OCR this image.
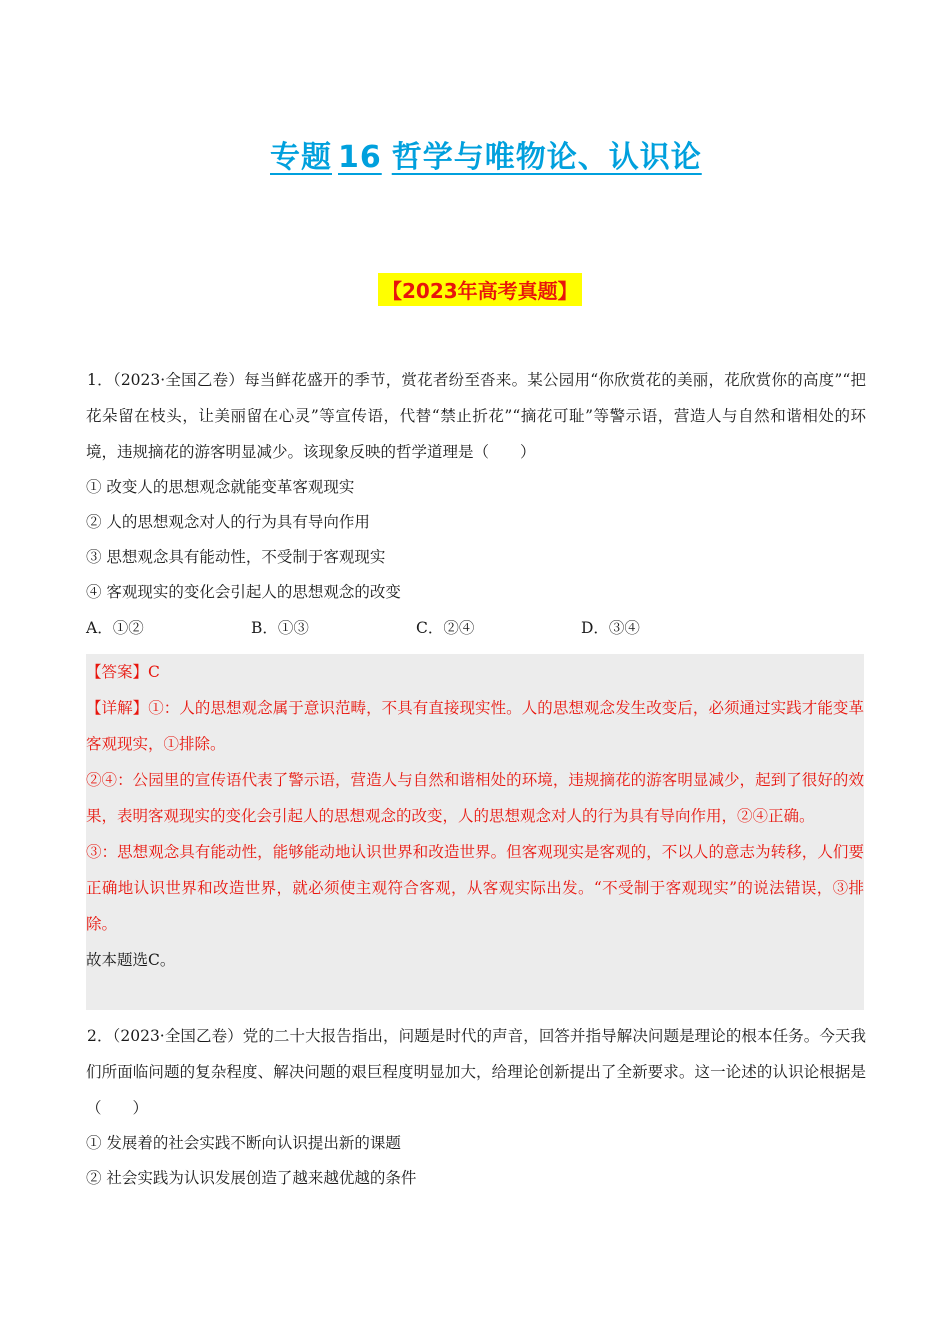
专题 16 哲学与唯物论、认识论
【2023年高考真题】
1．（2023·全国乙卷）每当鲜花盛开的季节，赏花者纷至沓来。某公园用“你欣赏花的美丽，花欣赏你的高度”“把花朵留在枝头，让美丽留在心灵”等宣传语，代替“禁止折花”“摘花可耻”等警示语，营造人与自然和谐相处的环境，违规摘花的游客明显减少。该现象反映的哲学道理是（　　）
① 改变人的思想观念就能变革客观现实
② 人的思想观念对人的行为具有导向作用
③ 思想观念具有能动性，不受制于客观现实
④ 客观现实的变化会引起人的思想观念的改变
A．①②	B．①③	C．②④	D．③④

【答案】C

【详解】①：人的思想观念属于意识范畴，不具有直接现实性。人的思想观念发生改变后，必须通过实践才能变革客观现实，①排除。

②④：公园里的宣传语代表了警示语，营造人与自然和谐相处的环境，违规摘花的游客明显减少，起到了很好的效果，表明客观现实的变化会引起人的思想观念的改变，人的思想观念对人的行为具有导向作用，②④正确。

③：思想观念具有能动性，能够能动地认识世界和改造世界。但客观现实是客观的，不以人的意志为转移，人们要正确地认识世界和改造世界，就必须使主观符合客观，从客观实际出发。“不受制于客观现实”的说法错误，③排除。

故本题选C。

2．（2023·全国乙卷）党的二十大报告指出，问题是时代的声音，回答并指导解决问题是理论的根本任务。今天我们所面临问题的复杂程度、解决问题的艰巨程度明显加大，给理论创新提出了全新要求。这一论述的认识论根据是（　　）
① 发展着的社会实践不断向认识提出新的课题
② 社会实践为认识发展创造了越来越优越的条件
